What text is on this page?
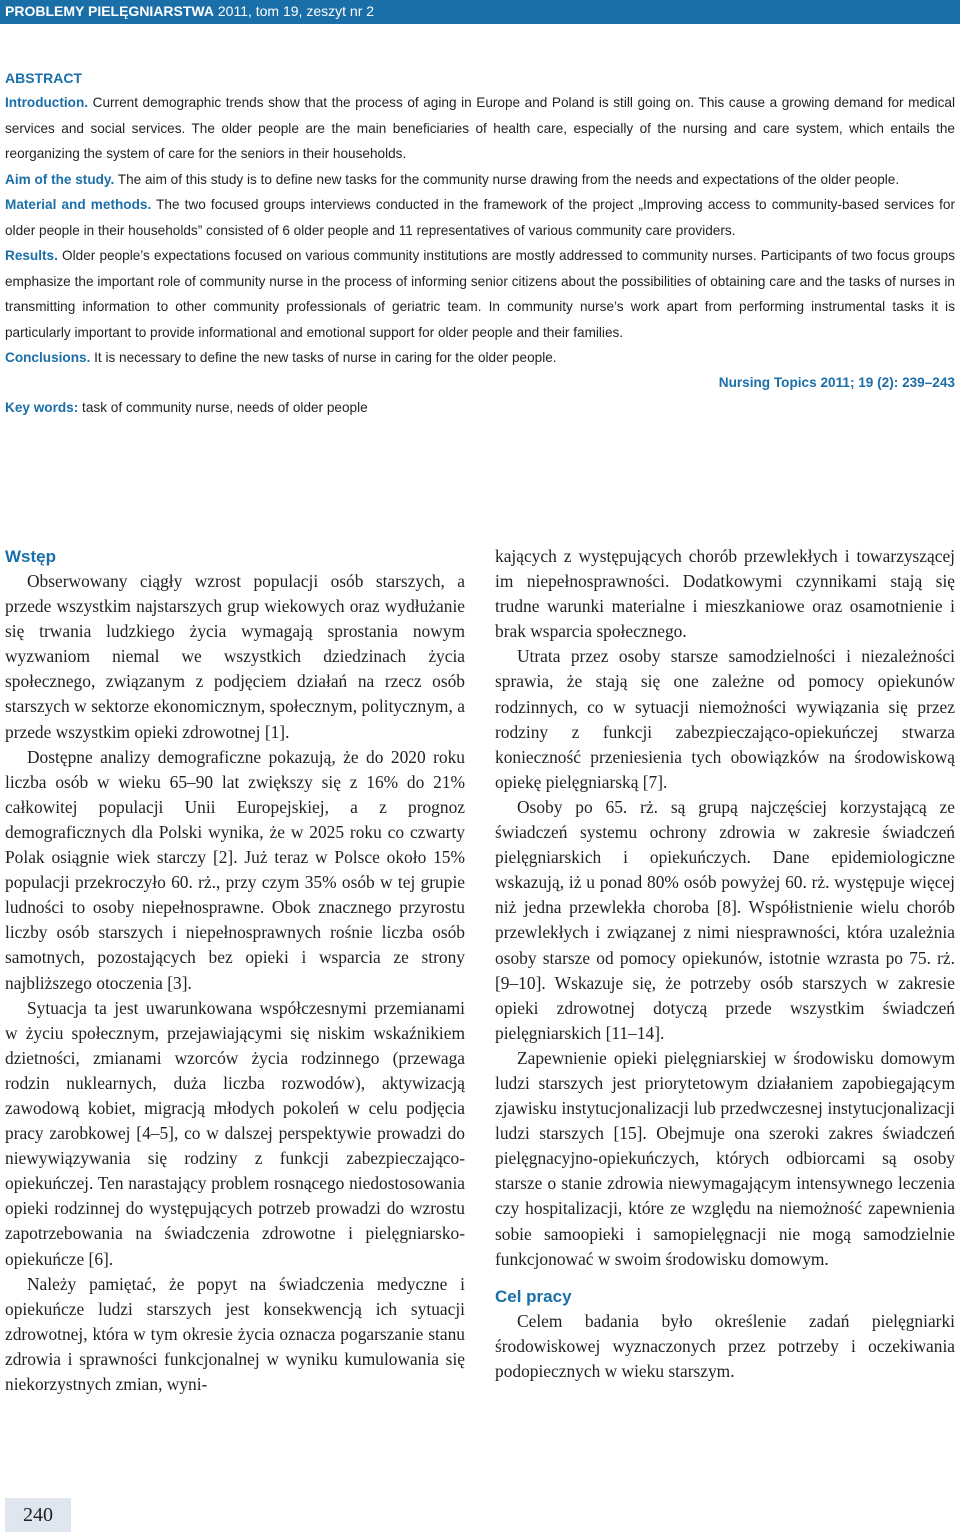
PROBLEMY PIELĘGNIARSTWA 2011, tom 19, zeszyt nr 2

ABSTRACT

Introduction. Current demographic trends show that the process of aging in Europe and Poland is still going on. This cause a growing demand for medical services and social services. The older people are the main beneficiaries of health care, especially of the nursing and care system, which entails the reorganizing the system of care for the seniors in their households.

Aim of the study. The aim of this study is to define new tasks for the community nurse drawing from the needs and expectations of the older people.

Material and methods. The two focused groups interviews conducted in the framework of the project „Improving access to community-based services for older people in their households” consisted of 6 older people and 11 representatives of various community care providers.

Results. Older people’s expectations focused on various community institutions are mostly addressed to community nurses. Participants of two focus groups emphasize the important role of community nurse in the process of informing senior citizens about the possibilities of obtaining care and the tasks of nurses in transmitting information to other community professionals of geriatric team. In community nurse’s work apart from performing instrumental tasks it is particularly important to provide informational and emotional support for older people and their families.

Conclusions. It is necessary to define the new tasks of nurse in caring for the older people.

Nursing Topics 2011; 19 (2): 239–243

Key words: task of community nurse, needs of older people

Wstęp

Obserwowany ciągły wzrost populacji osób starszych, a przede wszystkim najstarszych grup wiekowych oraz wydłużanie się trwania ludzkiego życia wymagają sprostania nowym wyzwaniom niemal we wszystkich dziedzinach życia społecznego, związanym z podjęciem działań na rzecz osób starszych w sektorze ekonomicznym, społecznym, politycznym, a przede wszystkim opieki zdrowotnej [1].

Dostępne analizy demograficzne pokazują, że do 2020 roku liczba osób w wieku 65–90 lat zwiększy się z 16% do 21% całkowitej populacji Unii Europejskiej, a z prognoz demograficznych dla Polski wynika, że w 2025 roku co czwarty Polak osiągnie wiek starczy [2]. Już teraz w Polsce około 15% populacji przekroczyło 60. rż., przy czym 35% osób w tej grupie ludności to osoby niepełnosprawne. Obok znacznego przyrostu liczby osób starszych i niepełnosprawnych rośnie liczba osób samotnych, pozostających bez opieki i wsparcia ze strony najbliższego otoczenia [3].

Sytuacja ta jest uwarunkowana współczesnymi przemianami w życiu społecznym, przejawiającymi się niskim wskaźnikiem dzietności, zmianami wzorców życia rodzinnego (przewaga rodzin nuklearnych, duża liczba rozwodów), aktywizacją zawodową kobiet, migracją młodych pokoleń w celu podjęcia pracy zarobkowej [4–5], co w dalszej perspektywie prowadzi do niewywiązywania się rodziny z funkcji zabezpieczająco-opiekuńczej. Ten narastający problem rosnącego niedostosowania opieki rodzinnej do występujących potrzeb prowadzi do wzrostu zapotrzebowania na świadczenia zdrowotne i pielęgniarsko-opiekuńcze [6].

Należy pamiętać, że popyt na świadczenia medyczne i opiekuńcze ludzi starszych jest konsekwencją ich sytuacji zdrowotnej, która w tym okresie życia oznacza pogarszanie stanu zdrowia i sprawności funkcjonalnej w wyniku kumulowania się niekorzystnych zmian, wyni-

kających z występujących chorób przewlekłych i towarzyszącej im niepełnosprawności. Dodatkowymi czynnikami stają się trudne warunki materialne i mieszkaniowe oraz osamotnienie i brak wsparcia społecznego.

Utrata przez osoby starsze samodzielności i niezależności sprawia, że stają się one zależne od pomocy opiekunów rodzinnych, co w sytuacji niemożności wywiązania się przez rodziny z funkcji zabezpieczająco-opiekuńczej stwarza konieczność przeniesienia tych obowiązków na środowiskową opiekę pielęgniarską [7].

Osoby po 65. rż. są grupą najczęściej korzystającą ze świadczeń systemu ochrony zdrowia w zakresie świadczeń pielęgniarskich i opiekuńczych. Dane epidemiologiczne wskazują, iż u ponad 80% osób powyżej 60. rż. występuje więcej niż jedna przewlekła choroba [8]. Współistnienie wielu chorób przewlekłych i związanej z nimi niesprawności, która uzależnia osoby starsze od pomocy opiekunów, istotnie wzrasta po 75. rż. [9–10]. Wskazuje się, że potrzeby osób starszych w zakresie opieki zdrowotnej dotyczą przede wszystkim świadczeń pielęgniarskich [11–14].

Zapewnienie opieki pielęgniarskiej w środowisku domowym ludzi starszych jest priorytetowym działaniem zapobiegającym zjawisku instytucjonalizacji lub przedwczesnej instytucjonalizacji ludzi starszych [15]. Obejmuje ona szeroki zakres świadczeń pielęgnacyjno-opiekuńczych, których odbiorcami są osoby starsze o stanie zdrowia niewymagającym intensywnego leczenia czy hospitalizacji, które ze względu na niemożność zapewnienia sobie samoopieki i samopielęgnacji nie mogą samodzielnie funkcjonować w swoim środowisku domowym.

Cel pracy

Celem badania było określenie zadań pielęgniarki środowiskowej wyznaczonych przez potrzeby i oczekiwania podopiecznych w wieku starszym.

240
